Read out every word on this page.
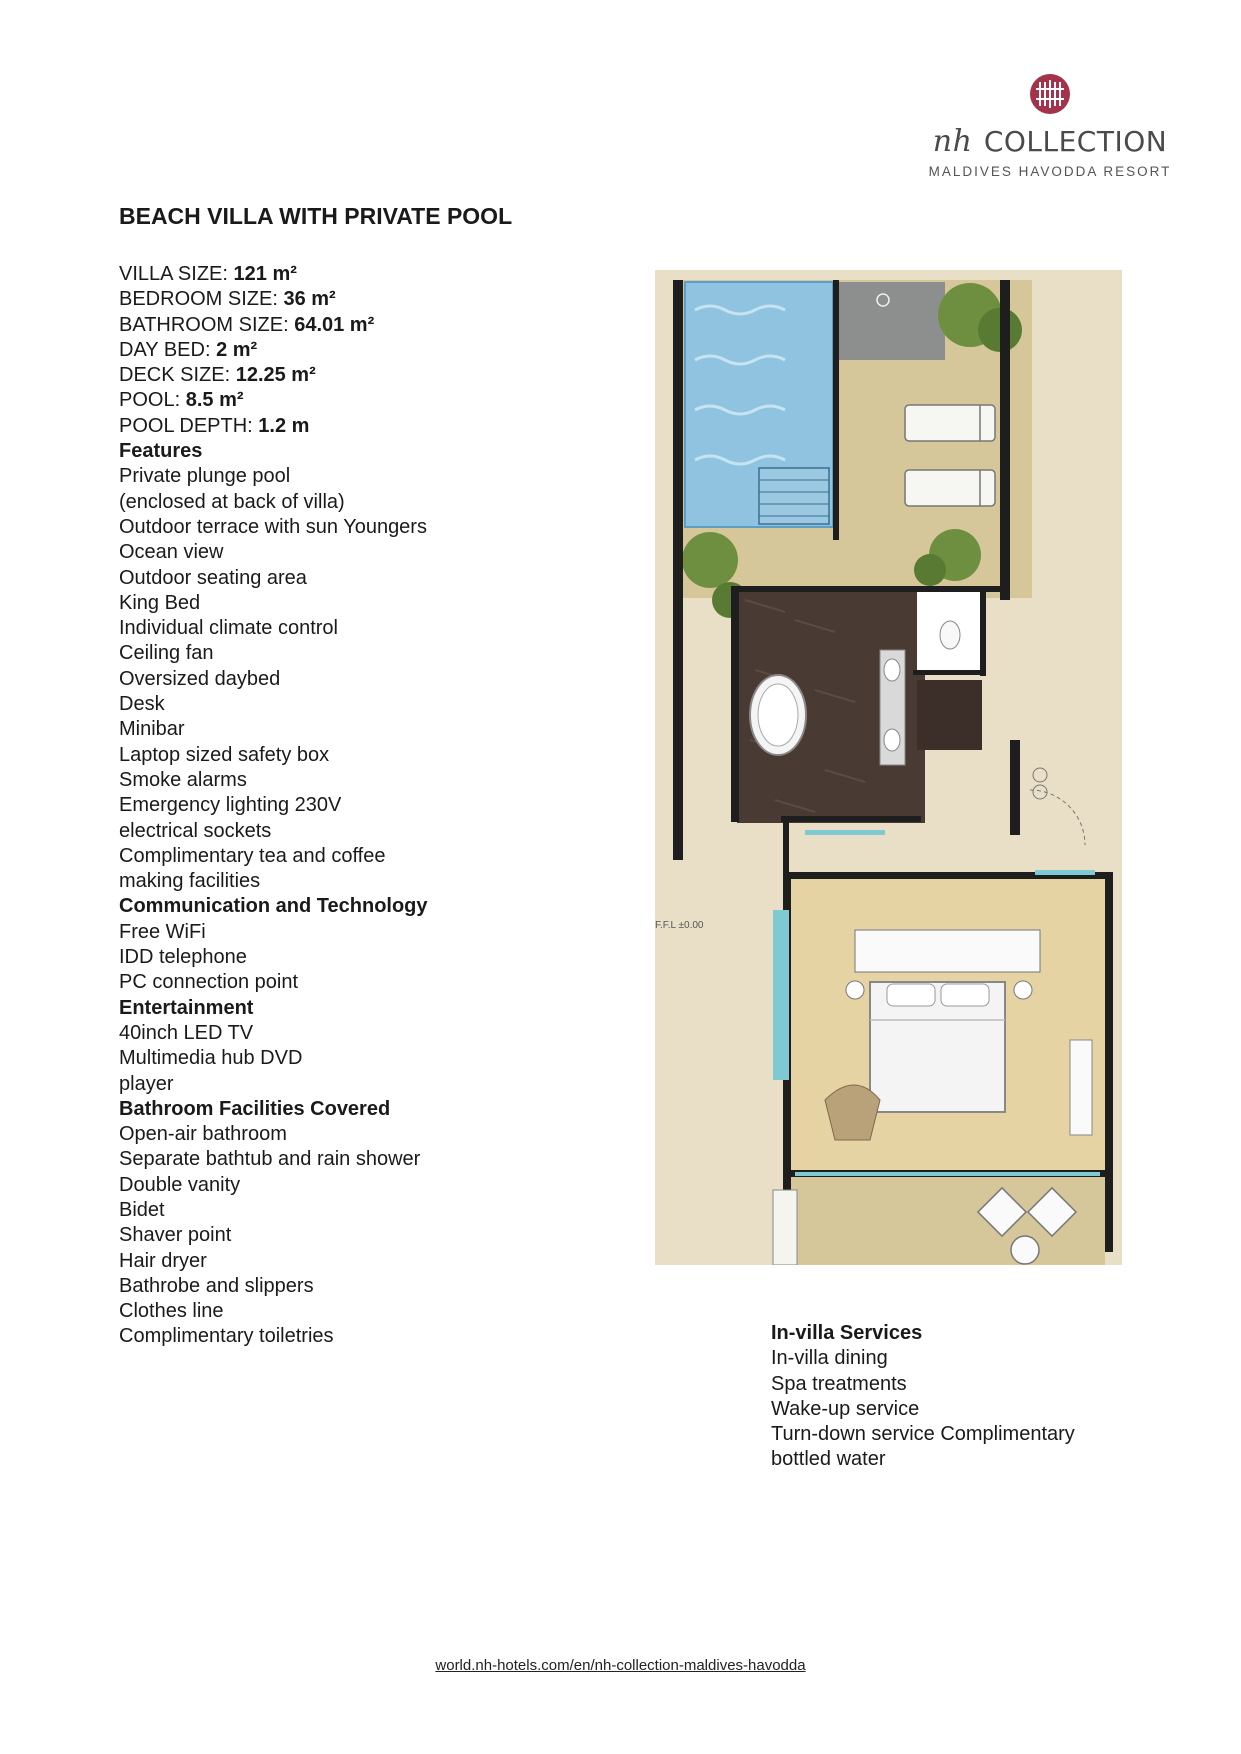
nh COLLECTION
MALDIVES HAVODDA RESORT
BEACH VILLA WITH PRIVATE POOL
VILLA SIZE: 121 m²
BEDROOM SIZE: 36 m²
BATHROOM SIZE: 64.01 m²
DAY BED: 2 m²
DECK SIZE: 12.25 m²
POOL: 8.5 m²
POOL DEPTH: 1.2 m
Features
Private plunge pool
(enclosed at back of villa)
Outdoor terrace with sun Youngers
Ocean view
Outdoor seating area
King Bed
Individual climate control
Ceiling fan
Oversized daybed
Desk
Minibar
Laptop sized safety box
Smoke alarms
Emergency lighting 230V
electrical sockets
Complimentary tea and coffee
making facilities
Communication and Technology
Free WiFi
IDD telephone
PC connection point
Entertainment
40inch LED TV
Multimedia hub DVD
player
Bathroom Facilities Covered
Open-air bathroom
Separate bathtub and rain shower
Double vanity
Bidet
Shaver point
Hair dryer
Bathrobe and slippers
Clothes line
Complimentary toiletries	In-villa Services
In-villa dining
Spa treatments
Wake-up service
Turn-down service Complimentary
bottled water
F.F.L ±0.00
world.nh-hotels.com/en/nh-collection-maldives-havodda
